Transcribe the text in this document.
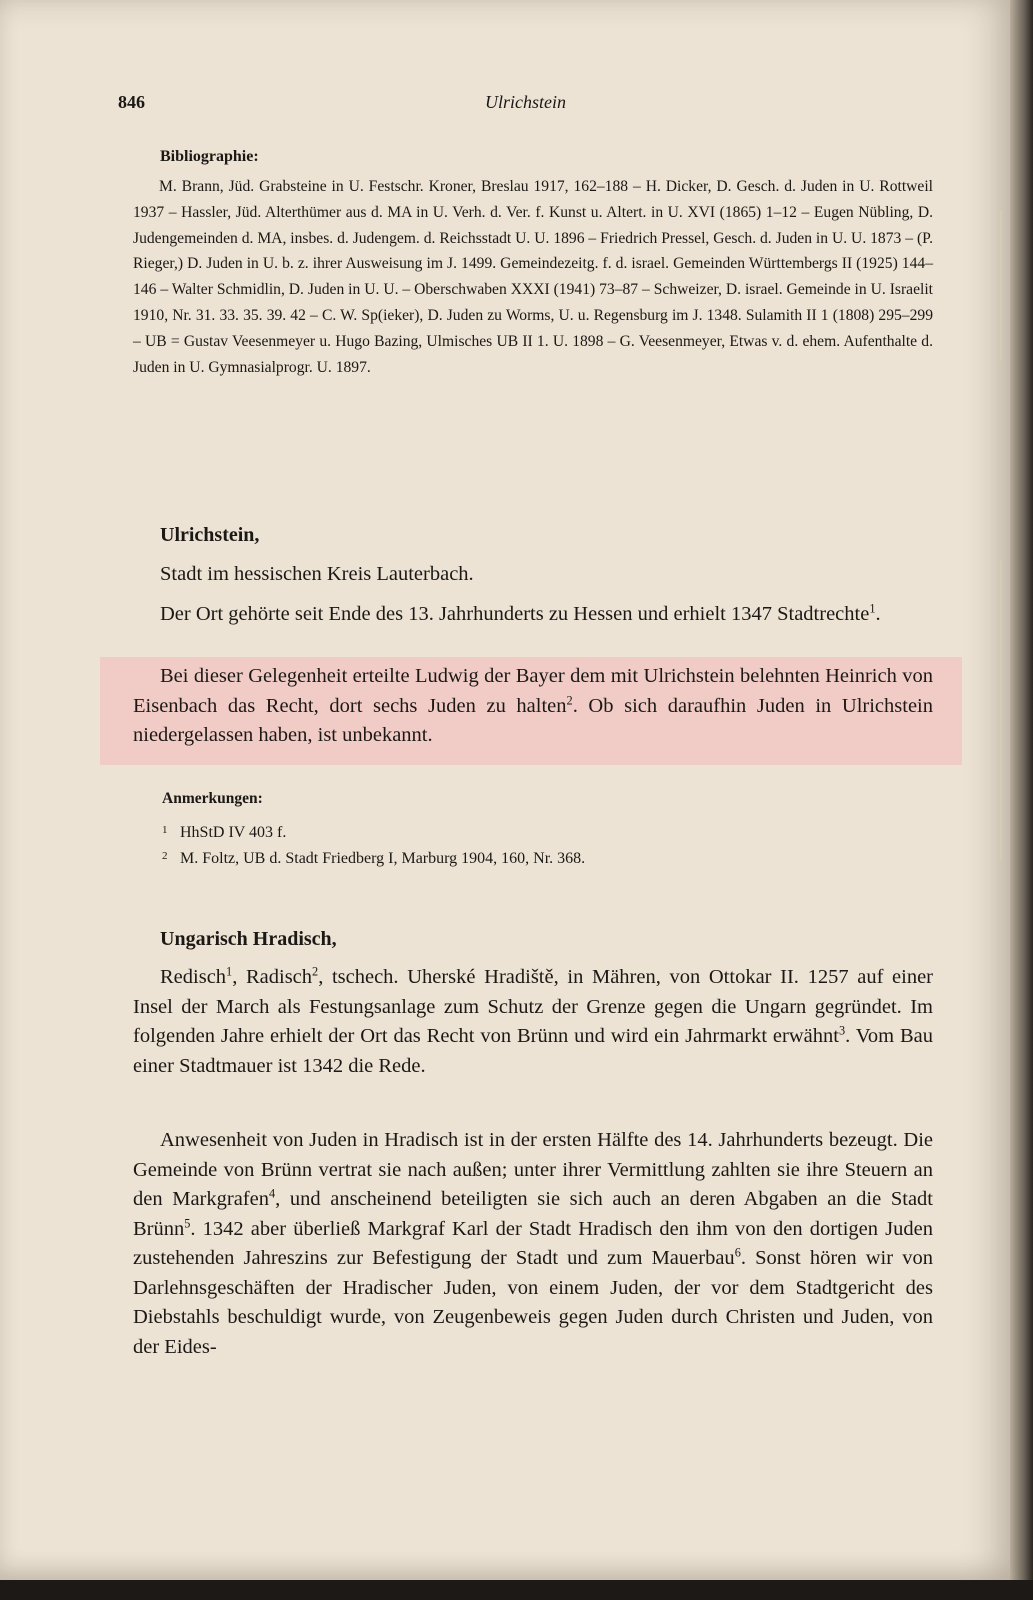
846	Ulrichstein
Bibliographie:
M. Brann, Jüd. Grabsteine in U. Festschr. Kroner, Breslau 1917, 162–188 – H. Dicker, D. Gesch. d. Juden in U. Rottweil 1937 – Hassler, Jüd. Alterthümer aus d. MA in U. Verh. d. Ver. f. Kunst u. Altert. in U. XVI (1865) 1–12 – Eugen Nübling, D. Judengemeinden d. MA, insbes. d. Judengem. d. Reichsstadt U. U. 1896 – Friedrich Pressel, Gesch. d. Juden in U. U. 1873 – (P. Rieger,) D. Juden in U. b. z. ihrer Ausweisung im J. 1499. Gemeindezeitg. f. d. israel. Gemeinden Württembergs II (1925) 144–146 – Walter Schmidlin, D. Juden in U. U. – Oberschwaben XXXI (1941) 73–87 – Schweizer, D. israel. Gemeinde in U. Israelit 1910, Nr. 31. 33. 35. 39. 42 – C. W. Sp(ieker), D. Juden zu Worms, U. u. Regensburg im J. 1348. Sulamith II 1 (1808) 295–299 – UB = Gustav Veesenmeyer u. Hugo Bazing, Ulmisches UB II 1. U. 1898 – G. Veesenmeyer, Etwas v. d. ehem. Aufenthalte d. Juden in U. Gymnasialprogr. U. 1897.
Ulrichstein,
Stadt im hessischen Kreis Lauterbach.
Der Ort gehörte seit Ende des 13. Jahrhunderts zu Hessen und erhielt 1347 Stadtrechte$^1$.
Bei dieser Gelegenheit erteilte Ludwig der Bayer dem mit Ulrichstein belehnten Heinrich von Eisenbach das Recht, dort sechs Juden zu halten$^2$. Ob sich daraufhin Juden in Ulrichstein niedergelassen haben, ist unbekannt.
Anmerkungen:
1 HhStD IV 403 f.
2 M. Foltz, UB d. Stadt Friedberg I, Marburg 1904, 160, Nr. 368.
Ungarisch Hradisch,
Redisch$^1$, Radisch$^2$, tschech. Uherské Hradiště, in Mähren, von Ottokar II. 1257 auf einer Insel der March als Festungsanlage zum Schutz der Grenze gegen die Ungarn gegründet. Im folgenden Jahre erhielt der Ort das Recht von Brünn und wird ein Jahrmarkt erwähnt$^3$. Vom Bau einer Stadtmauer ist 1342 die Rede.
Anwesenheit von Juden in Hradisch ist in der ersten Hälfte des 14. Jahrhunderts bezeugt. Die Gemeinde von Brünn vertrat sie nach außen; unter ihrer Vermittlung zahlten sie ihre Steuern an den Markgrafen$^4$, und anscheinend beteiligten sie sich auch an deren Abgaben an die Stadt Brünn$^5$. 1342 aber überließ Markgraf Karl der Stadt Hradisch den ihm von den dortigen Juden zustehenden Jahreszins zur Befestigung der Stadt und zum Mauerbau$^6$. Sonst hören wir von Darlehnsgeschäften der Hradischer Juden, von einem Juden, der vor dem Stadtgericht des Diebstahls beschuldigt wurde, von Zeugenbeweis gegen Juden durch Christen und Juden, von der Eides-
